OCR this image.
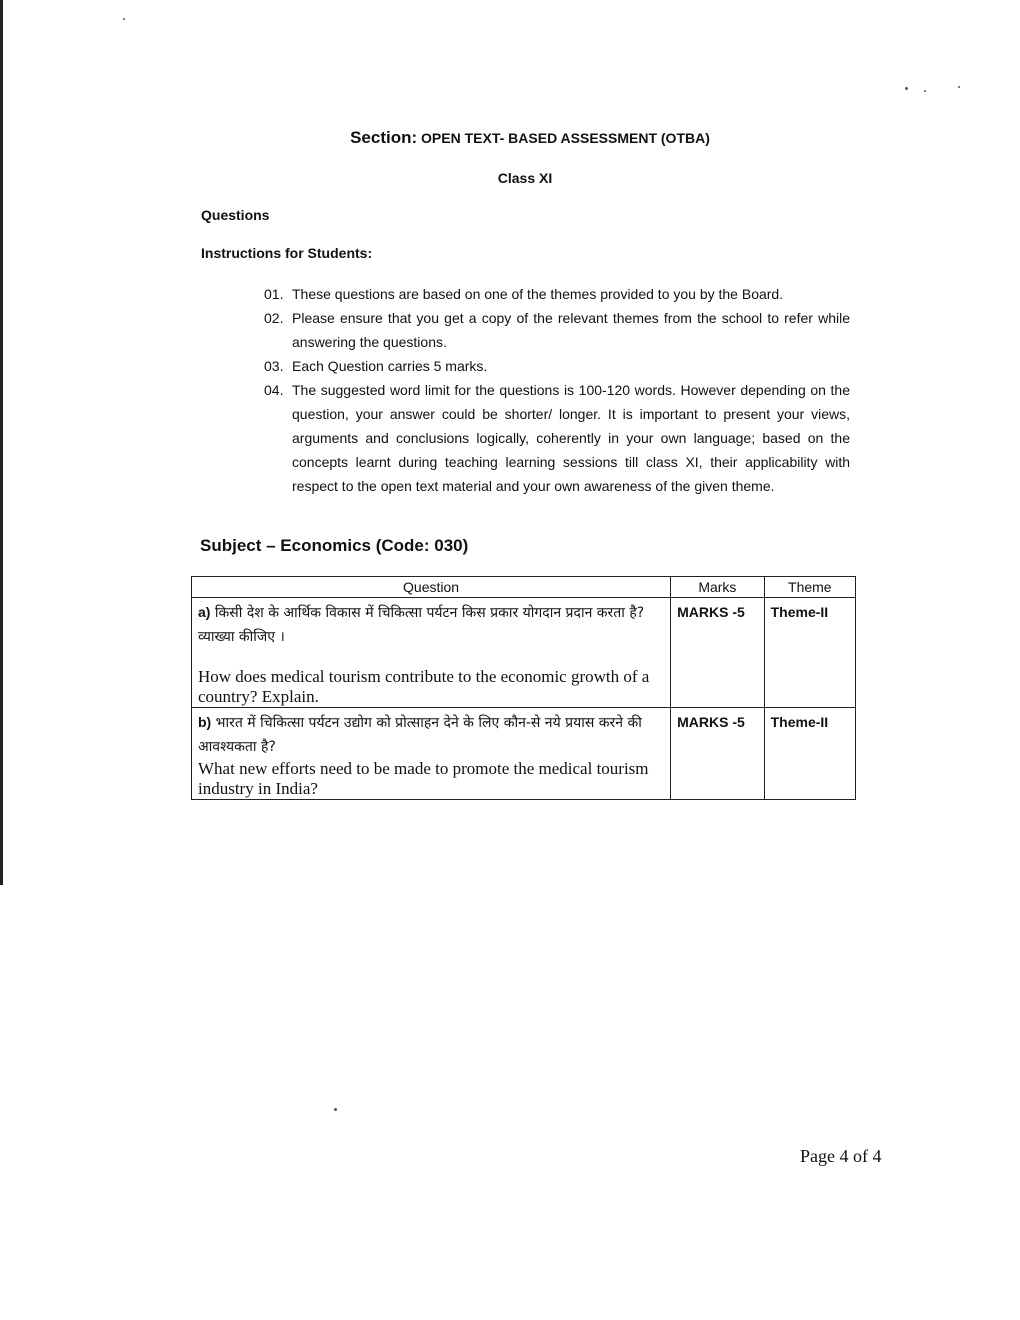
Section: OPEN TEXT- BASED ASSESSMENT (OTBA)
Class XI
Questions
Instructions for Students:
01. These questions are based on one of the themes provided to you by the Board.
02. Please ensure that you get a copy of the relevant themes from the school to refer while answering the questions.
03. Each Question carries 5 marks.
04. The suggested word limit for the questions is 100-120 words. However depending on the question, your answer could be shorter/ longer. It is important to present your views, arguments and conclusions logically, coherently in your own language; based on the concepts learnt during teaching learning sessions till class XI, their applicability with respect to the open text material and your own awareness of the given theme.
Subject – Economics (Code: 030)
Question	Marks	Theme

a) किसी देश के आर्थिक विकास में चिकित्सा पर्यटन किस प्रकार योगदान प्रदान करता है? व्याख्या कीजिए ।
How does medical tourism contribute to the economic growth of a country? Explain.	MARKS -5	Theme-II

b) भारत में चिकित्सा पर्यटन उद्योग को प्रोत्साहन देने के लिए कौन-से नये प्रयास करने की आवश्यकता है?
What new efforts need to be made to promote the medical tourism industry in India?	MARKS -5	Theme-II
Page 4 of 4
